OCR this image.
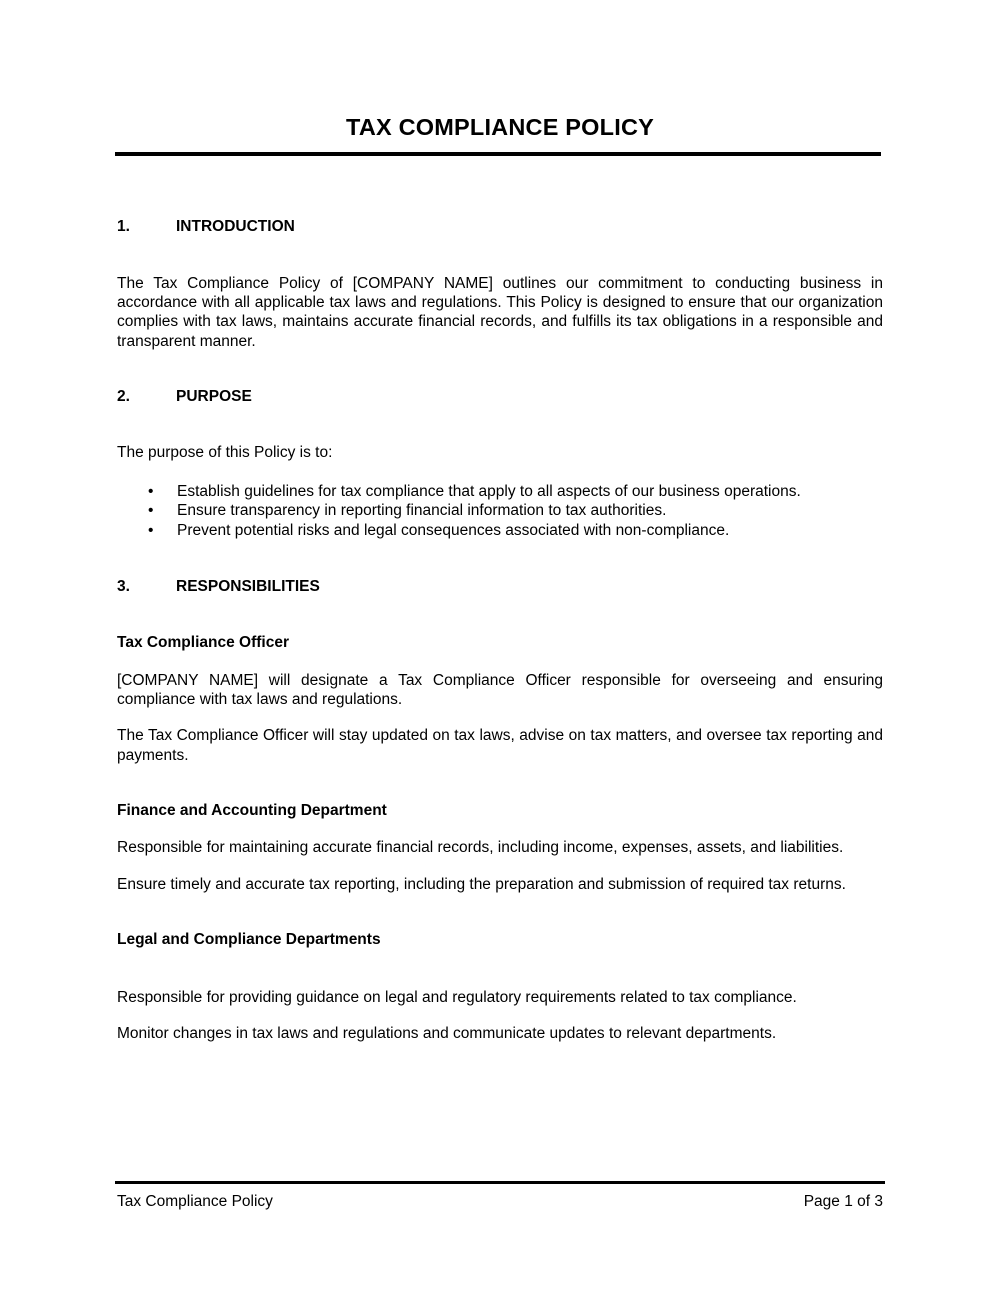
TAX COMPLIANCE POLICY
1.	INTRODUCTION

The Tax Compliance Policy of [COMPANY NAME] outlines our commitment to conducting business in accordance with all applicable tax laws and regulations. This Policy is designed to ensure that our organization complies with tax laws, maintains accurate financial records, and fulfills its tax obligations in a responsible and transparent manner.

2.	PURPOSE

The purpose of this Policy is to:

• Establish guidelines for tax compliance that apply to all aspects of our business operations.
• Ensure transparency in reporting financial information to tax authorities.
• Prevent potential risks and legal consequences associated with non-compliance.
3.	RESPONSIBILITIES
Tax Compliance Officer

[COMPANY NAME] will designate a Tax Compliance Officer responsible for overseeing and ensuring compliance with tax laws and regulations.

The Tax Compliance Officer will stay updated on tax laws, advise on tax matters, and oversee tax reporting and payments.

Finance and Accounting Department

Responsible for maintaining accurate financial records, including income, expenses, assets, and liabilities.

Ensure timely and accurate tax reporting, including the preparation and submission of required tax returns.

Legal and Compliance Departments

Responsible for providing guidance on legal and regulatory requirements related to tax compliance.

Monitor changes in tax laws and regulations and communicate updates to relevant departments.

Tax Compliance Policy	Page 1 of 3
